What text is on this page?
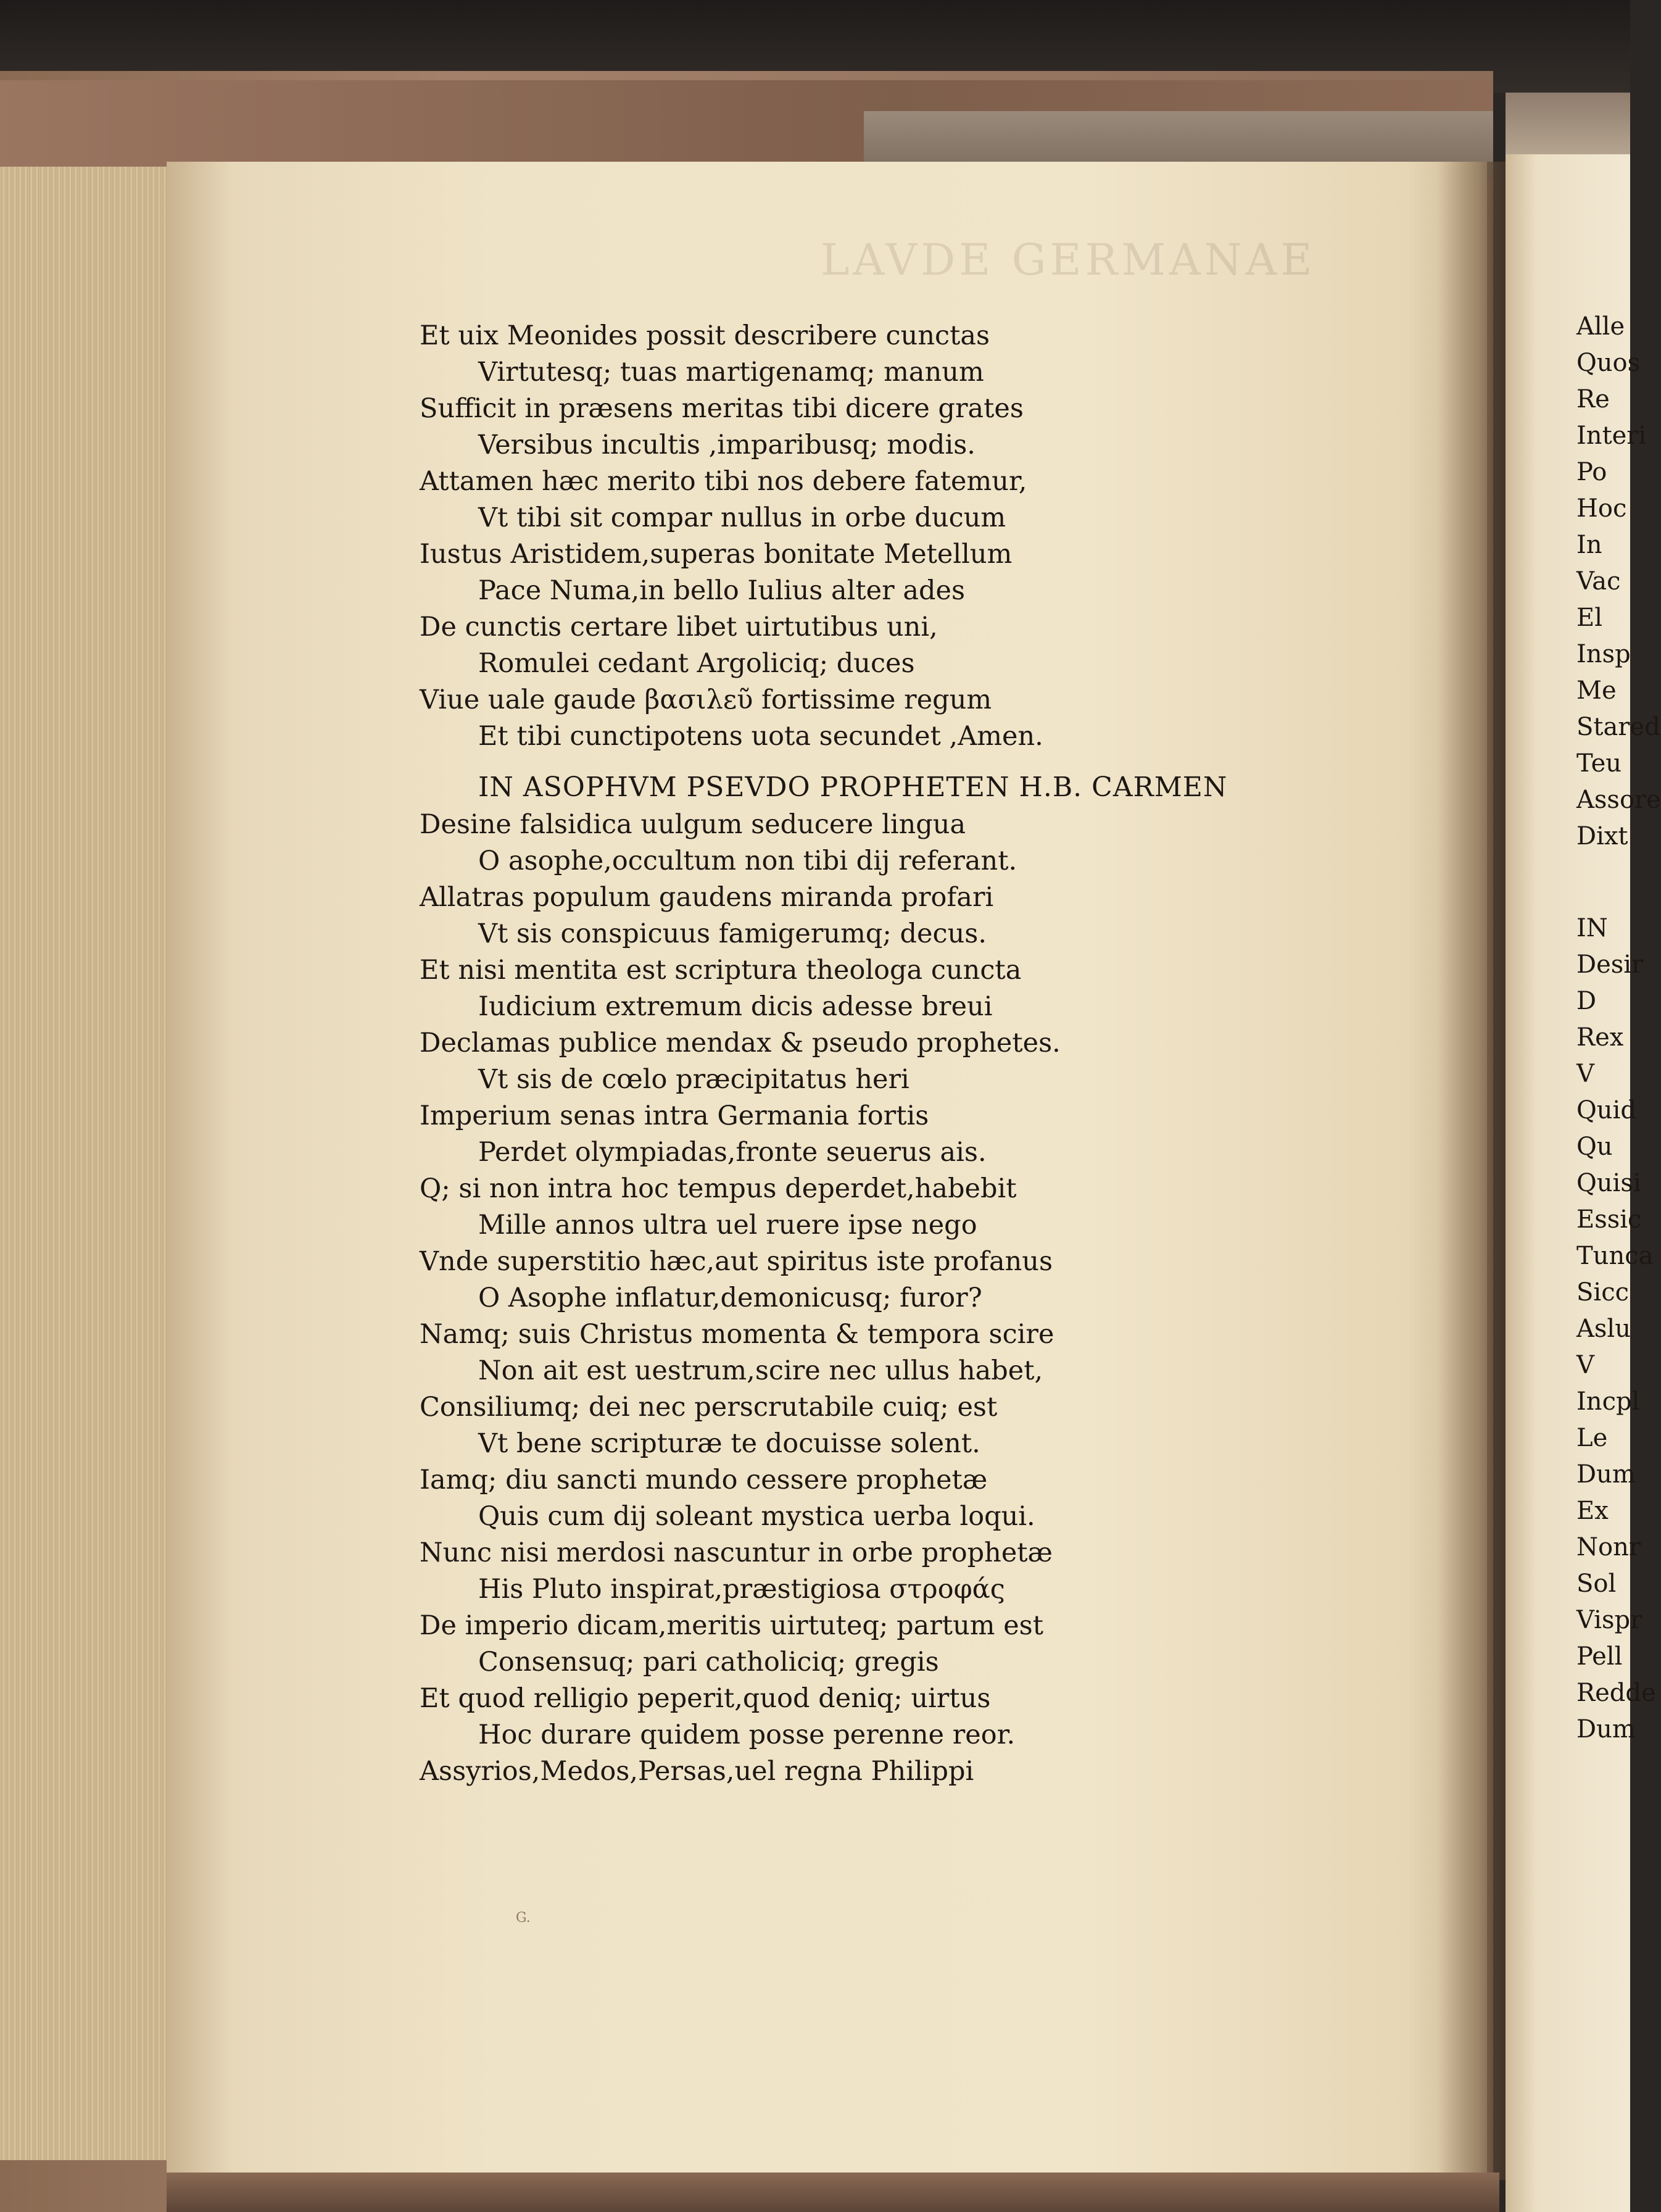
LAVDE GERMANAE
Et uix Meonides possit describere cunctas
Virtutesq; tuas martigenamq; manum
Sufficit in præsens meritas tibi dicere grates
Versibus incultis ,imparibusq; modis.
Attamen hæc merito tibi nos debere fatemur,
Vt tibi sit compar nullus in orbe ducum
Iustus Aristidem,superas bonitate Metellum
Pace Numa,in bello Iulius alter ades
De cunctis certare libet uirtutibus uni,
Romulei cedant Argoliciq; duces
Viue uale gaude βασιλεῦ fortissime regum
Et tibi cunctipotens uota secundet ,Amen.
IN ASOPHVM PSEVDO PROPHETEN H.B. CARMEN
Desine falsidica uulgum seducere lingua
O asophe,occultum non tibi dij referant.
Allatras populum gaudens miranda profari
Vt sis conspicuus famigerumq; decus.
Et nisi mentita est scriptura theologa cuncta
Iudicium extremum dicis adesse breui
Declamas publice mendax & pseudo prophetes.
Vt sis de cœlo præcipitatus heri
Imperium senas intra Germania fortis
Perdet olympiadas,fronte seuerus ais.
Q; si non intra hoc tempus deperdet,habebit
Mille annos ultra uel ruere ipse nego
Vnde superstitio hæc,aut spiritus iste profanus
O Asophe inflatur,demonicusq; furor?
Namq; suis Christus momenta & tempora scire
Non ait est uestrum,scire nec ullus habet,
Consiliumq; dei nec perscrutabile cuiq; est
Vt bene scripturæ te docuisse solent.
Iamq; diu sancti mundo cessere prophetæ
Quis cum dij soleant mystica uerba loqui.
Nunc nisi merdosi nascuntur in orbe prophetæ
His Pluto inspirat,præstigiosa στροφάς
De imperio dicam,meritis uirtuteq; partum est
Consensuq; pari catholiciq; gregis
Et quod relligio peperit,quod deniq; uirtus
Hoc durare quidem posse perenne reor.
Assyrios,Medos,Persas,uel regna Philippi
G.
Alle
Quos
Re
Interi
Po
Hoc
In
Vac
El
Insp
Me
Stared
Teu
Assore
Dixt
IN
Desir
D
Rex
V
Quid
Qu
Quisi
Essic
Tunca
Sicc
Aslu
V
Incpl
Le
Dum
Ex
Nonr
Sol
Vispr
Pell
Redde
Dum
